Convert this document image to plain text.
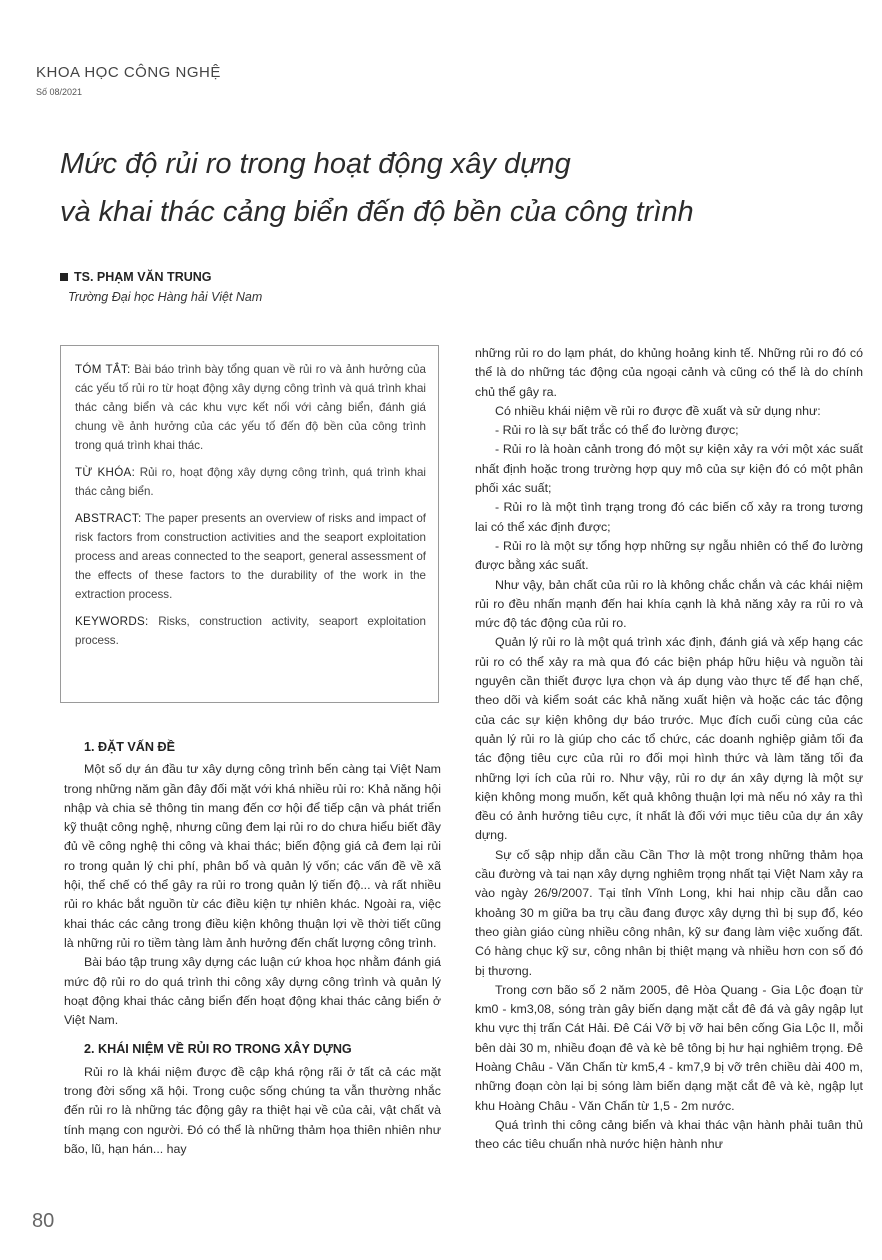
KHOA HỌC CÔNG NGHỆ
Số 08/2021
Mức độ rủi ro trong hoạt động xây dựng
và khai thác cảng biển đến độ bền của công trình
TS. PHẠM VĂN TRUNG
Trường Đại học Hàng hải Việt Nam

TÓM TẮT: Bài báo trình bày tổng quan về rủi ro và ảnh hưởng của các yếu tố rủi ro từ hoạt động xây dựng công trình và quá trình khai thác cảng biển và các khu vực kết nối với cảng biển, đánh giá chung về ảnh hưởng của các yếu tố đến độ bền của công trình trong quá trình khai thác.

TỪ KHÓA: Rủi ro, hoạt động xây dựng công trình, quá trình khai thác cảng biển.

ABSTRACT: The paper presents an overview of risks and impact of risk factors from construction activities and the seaport exploitation process and areas connected to the seaport, general assessment of the effects of these factors to the durability of the work in the extraction process.

KEYWORDS: Risks, construction activity, seaport exploitation process.

1. ĐẶT VẤN ĐỀ

Một số dự án đầu tư xây dựng công trình bến càng tại Việt Nam trong những năm gần đây đối mặt với khá nhiều rủi ro: Khả năng hội nhập và chia sẻ thông tin mang đến cơ hội để tiếp cận và phát triển kỹ thuật công nghệ, nhưng cũng đem lại rủi ro do chưa hiểu biết đầy đủ về công nghệ thi công và khai thác; biến động giá cả đem lại rủi ro trong quản lý chi phí, phân bổ và quản lý vốn; các vấn đề về xã hội, thể chế có thể gây ra rủi ro trong quản lý tiến độ... và rất nhiều rủi ro khác bắt nguồn từ các điều kiện tự nhiên khác. Ngoài ra, việc khai thác các cảng trong điều kiện không thuận lợi về thời tiết cũng là những rủi ro tiềm tàng làm ảnh hưởng đến chất lượng công trình.

Bài báo tập trung xây dựng các luận cứ khoa học nhằm đánh giá mức độ rủi ro do quá trình thi công xây dựng công trình và quản lý hoạt động khai thác cảng biển đến hoạt động khai thác cảng biển ở Việt Nam.

2. KHÁI NIỆM VỀ RỦI RO TRONG XÂY DỰNG

Rủi ro là khái niệm được đề cập khá rộng rãi ở tất cả các mặt trong đời sống xã hội. Trong cuộc sống chúng ta vẫn thường nhắc đến rủi ro là những tác động gây ra thiệt hại về của cải, vật chất và tính mạng con người. Đó có thể là những thảm họa thiên nhiên như bão, lũ, hạn hán... hay

những rủi ro do lạm phát, do khủng hoảng kinh tế. Những rủi ro đó có thể là do những tác động của ngoại cảnh và cũng có thể là do chính chủ thể gây ra.

Có nhiều khái niệm về rủi ro được đề xuất và sử dụng như:

- Rủi ro là sự bất trắc có thể đo lường được;

- Rủi ro là hoàn cảnh trong đó một sự kiện xảy ra với một xác suất nhất định hoặc trong trường hợp quy mô của sự kiện đó có một phân phối xác suất;

- Rủi ro là một tình trạng trong đó các biến cố xảy ra trong tương lai có thể xác định được;

- Rủi ro là một sự tổng hợp những sự ngẫu nhiên có thể đo lường được bằng xác suất.

Như vậy, bản chất của rủi ro là không chắc chắn và các khái niệm rủi ro đều nhấn mạnh đến hai khía cạnh là khả năng xảy ra rủi ro và mức độ tác động của rủi ro.

Quản lý rủi ro là một quá trình xác định, đánh giá và xếp hạng các rủi ro có thể xảy ra mà qua đó các biện pháp hữu hiệu và nguồn tài nguyên cần thiết được lựa chọn và áp dụng vào thực tế để hạn chế, theo dõi và kiểm soát các khả năng xuất hiện và hoặc các tác động của các sự kiện không dự báo trước. Mục đích cuối cùng của các quản lý rủi ro là giúp cho các tổ chức, các doanh nghiệp giảm tối đa tác động tiêu cực của rủi ro đối mọi hình thức và làm tăng tối đa những lợi ích của rủi ro. Như vậy, rủi ro dự án xây dựng là một sự kiện không mong muốn, kết quả không thuận lợi mà nếu nó xảy ra thì đều có ảnh hưởng tiêu cực, ít nhất là đối với mục tiêu của dự án xây dựng.

Sự cố sập nhịp dẫn cầu Cần Thơ là một trong những thảm họa cầu đường và tai nạn xây dựng nghiêm trọng nhất tại Việt Nam xảy ra vào ngày 26/9/2007. Tại tỉnh Vĩnh Long, khi hai nhịp cầu dẫn cao khoảng 30 m giữa ba trụ cầu đang được xây dựng thì bị sụp đổ, kéo theo giàn giáo cùng nhiều công nhân, kỹ sư đang làm việc xuống đất. Có hàng chục kỹ sư, công nhân bị thiệt mạng và nhiều hơn con số đó bị thương.

Trong cơn bão số 2 năm 2005, đê Hòa Quang - Gia Lộc đoạn từ km0 - km3,08, sóng tràn gây biến dạng mặt cắt đê đá và gây ngập lụt khu vực thị trấn Cát Hải. Đê Cái Vỡ bị vỡ hai bên cống Gia Lộc II, mỗi bên dài 30 m, nhiều đoạn đê và kè bê tông bị hư hại nghiêm trọng. Đê Hoàng Châu - Văn Chấn từ km5,4 - km7,9 bị vỡ trên chiều dài 400 m, những đoạn còn lại bị sóng làm biến dạng mặt cắt đê và kè, ngập lụt khu Hoàng Châu - Văn Chấn từ 1,5 - 2m nước.

Quá trình thi công cảng biển và khai thác vận hành phải tuân thủ theo các tiêu chuẩn nhà nước hiện hành như

80
